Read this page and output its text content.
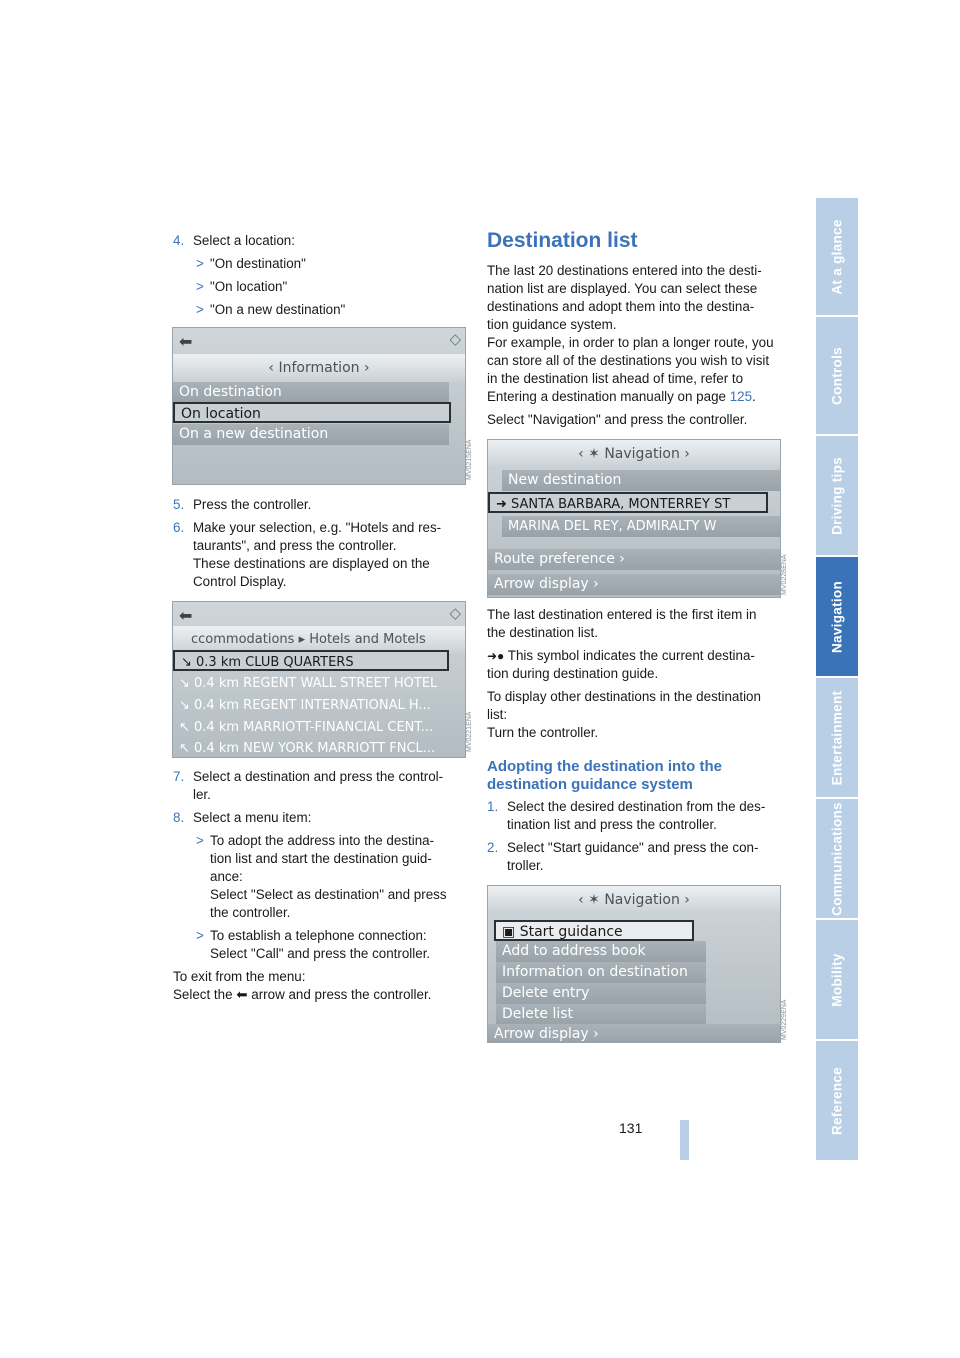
At a glance
Controls
Driving tips
Navigation
Entertainment
Communications
Mobility
Reference
131
4. Select a location:
> "On destination"
> "On location"
> "On a new destination"
⬅	◇
‹ Information ›
On destination
On location
On a new destination
MV0215ENA
5. Press the controller.
6. Make your selection, e.g. "Hotels and res-
taurants", and press the controller.
These destinations are displayed on the
Control Display.
⬅	◇
ccommodations ▸ Hotels and Motels
↘ 0.3 km CLUB QUARTERS
↘ 0.4 km REGENT WALL STREET HOTEL
↘ 0.4 km REGENT INTERNATIONAL H...
↖ 0.4 km MARRIOTT-FINANCIAL CENT...
↖ 0.4 km NEW YORK MARRIOTT FNCL...	MV0221ENA
7. Select a destination and press the control-
ler.
8. Select a menu item:
> To adopt the address into the destina-
tion list and start the destination guid-
ance:
Select "Select as destination" and press
the controller.
> To establish a telephone connection:
Select "Call" and press the controller.
To exit from the menu:
Select the ⬅ arrow and press the controller.
Destination list
The last 20 destinations entered into the desti-
nation list are displayed. You can select these
destinations and adopt them into the destina-
tion guidance system.
For example, in order to plan a longer route, you
can store all of the destinations you wish to visit
in the destination list ahead of time, refer to
Entering a destination manually on page 125.
Select "Navigation" and press the controller.
‹ ✶ Navigation ›
New destination
➜ SANTA BARBARA, MONTERREY ST
MARINA DEL REY, ADMIRALTY W
Route preference ›
Arrow display ›	MV0228ENA
The last destination entered is the first item in
the destination list.
➜● This symbol indicates the current destina-
tion during destination guide.
To display other destinations in the destination
list:
Turn the controller.
Adopting the destination into the
destination guidance system
1. Select the desired destination from the des-
tination list and press the controller.
2. Select "Start guidance" and press the con-
troller.
‹ ✶ Navigation ›
▣ Start guidance
Add to address book
Information on destination
Delete entry
Delete list
Arrow display ›	MV0229ENA
